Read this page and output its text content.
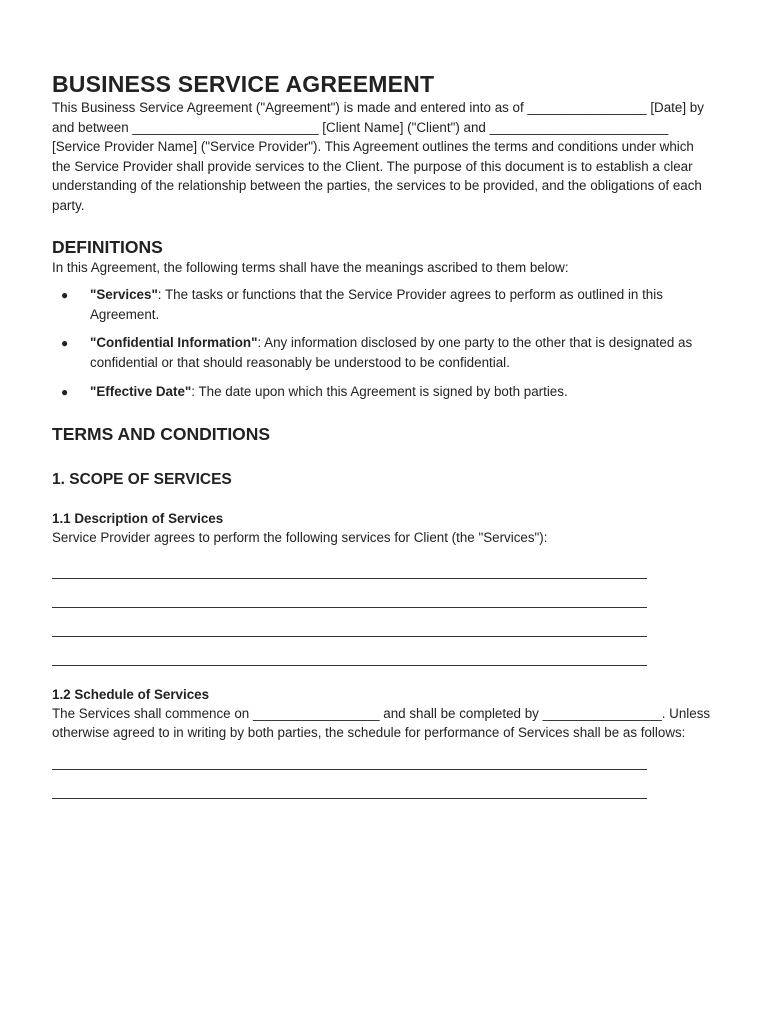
BUSINESS SERVICE AGREEMENT

This Business Service Agreement ("Agreement") is made and entered into as of ________________ [Date] by and between _________________________ [Client Name] ("Client") and ________________________ [Service Provider Name] ("Service Provider"). This Agreement outlines the terms and conditions under which the Service Provider shall provide services to the Client. The purpose of this document is to establish a clear understanding of the relationship between the parties, the services to be provided, and the obligations of each party.

DEFINITIONS

In this Agreement, the following terms shall have the meanings ascribed to them below:

● "Services": The tasks or functions that the Service Provider agrees to perform as outlined in this Agreement.
● "Confidential Information": Any information disclosed by one party to the other that is designated as confidential or that should reasonably be understood to be confidential.
● "Effective Date": The date upon which this Agreement is signed by both parties.
TERMS AND CONDITIONS
1. SCOPE OF SERVICES
1.1 Description of Services

Service Provider agrees to perform the following services for Client (the "Services"):

1.2 Schedule of Services

The Services shall commence on _________________ and shall be completed by ________________. Unless otherwise agreed to in writing by both parties, the schedule for performance of Services shall be as follows:
